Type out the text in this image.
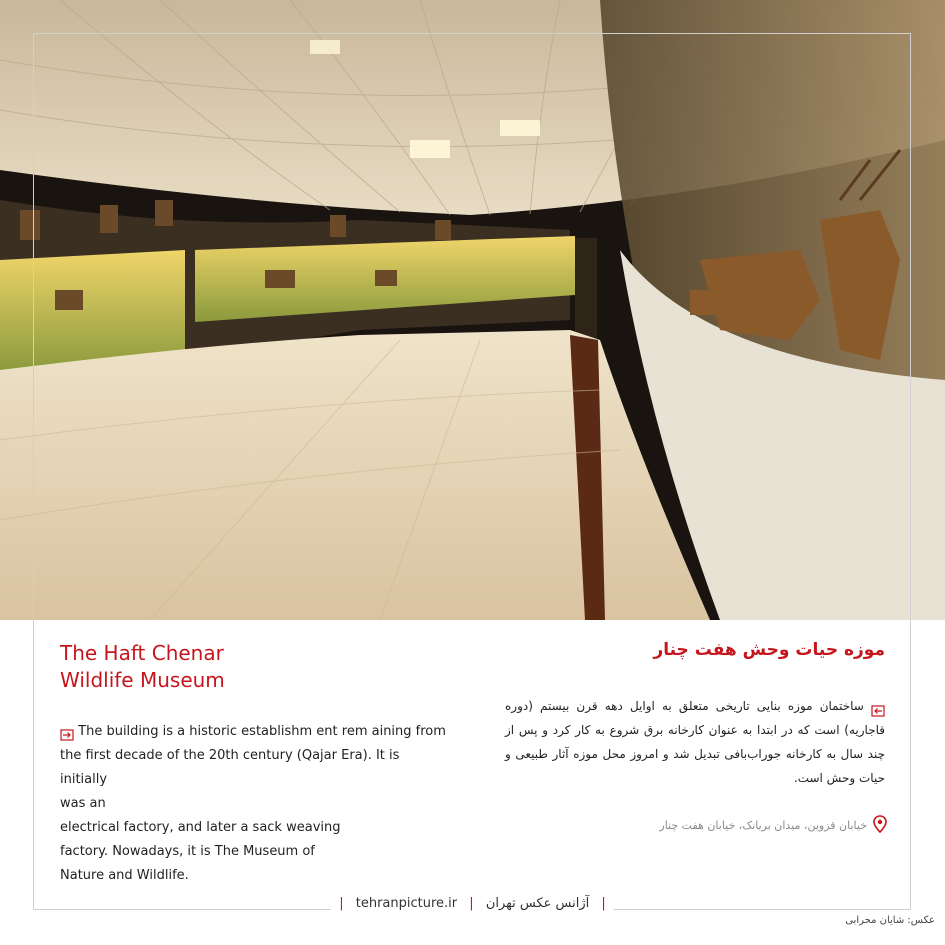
The Haft Chenar
Wildlife Museum
موزه حیات وحش هفت چنار
The building is a historic establishm ent rem aining from
the first decade of the 20th century (Qajar Era). It is initially
was an
electrical factory, and later a sack weaving
factory. Nowadays, it is The Museum of
Nature and Wildlife.
ساختمان موزه بنایی تاریخی متعلق به اوایل دهه قرن بیستم (دوره قاجاریه) است که در ابتدا به عنوان کارخانه برق شروع به کار کرد و پس از چند سال به کارخانه جوراب‌بافی تبدیل شد و امروز محل موزه آثار طبیعی و حیات وحش است.
خیابان قزوین، میدان بریانک، خیابان هفت چنار
| tehranpicture.ir | آژانس عکس تهران |
عکس: شایان محرابی
